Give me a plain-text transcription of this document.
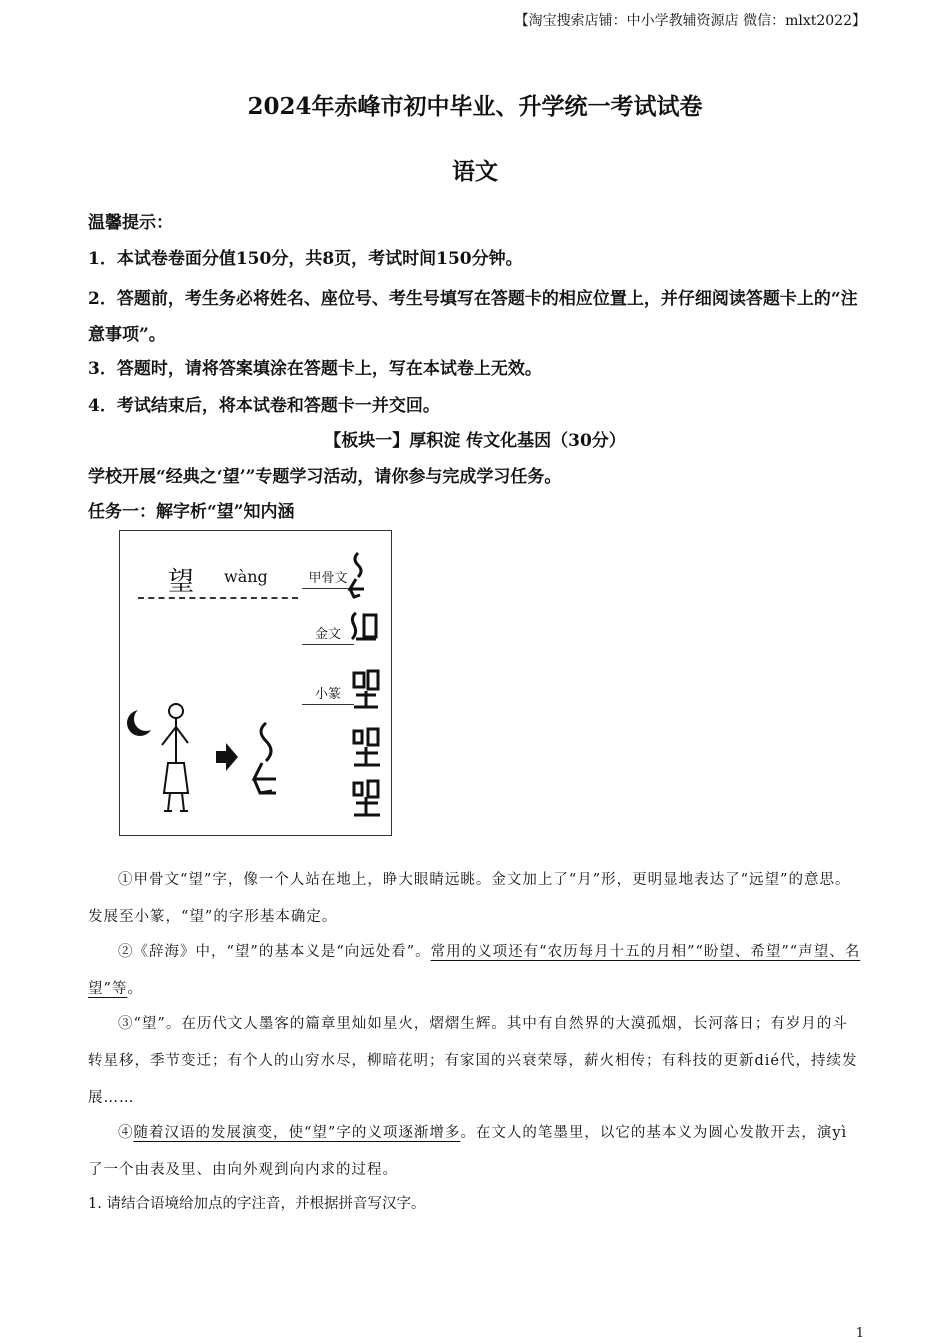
【淘宝搜索店铺：中小学教辅资源店 微信：mlxt2022】
2024年赤峰市初中毕业、升学统一考试试卷
语文
温馨提示：
1．本试卷卷面分值150分，共8页，考试时间150分钟。
2．答题前，考生务必将姓名、座位号、考生号填写在答题卡的相应位置上，并仔细阅读答题卡上的“注意事项”。
3．答题时，请将答案填涂在答题卡上，写在本试卷上无效。
4．考试结束后，将本试卷和答题卡一并交回。
【板块一】厚积淀 传文化基因（30分）
学校开展“经典之‘望’”专题学习活动，请你参与完成学习任务。
任务一：解字析“望”知内涵
望 wàng	甲骨文
金文
小篆
①甲骨文“望”字，像一个人站在地上，睁大眼睛远眺。金文加上了“月”形，更明显地表达了“远望”的意思。发展至小篆，“望”的字形基本确定。
②《辞海》中，“望”的基本义是“向远处看”。常用的义项还有“农历每月十五的月相”“盼望、希望”“声望、名望”等。
③“望”。在历代文人墨客的篇章里灿如星火，熠熠生辉。其中有自然界的大漠孤烟，长河落日；有岁月的斗转星移，季节变迁；有个人的山穷水尽，柳暗花明；有家国的兴衰荣辱，薪火相传；有科技的更新dié代，持续发展……
④随着汉语的发展演变，使“望”字的义项逐渐增多。在文人的笔墨里，以它的基本义为圆心发散开去，演yì了一个由表及里、由向外观到向内求的过程。
1. 请结合语境给加点的字注音，并根据拼音写汉字。
1
